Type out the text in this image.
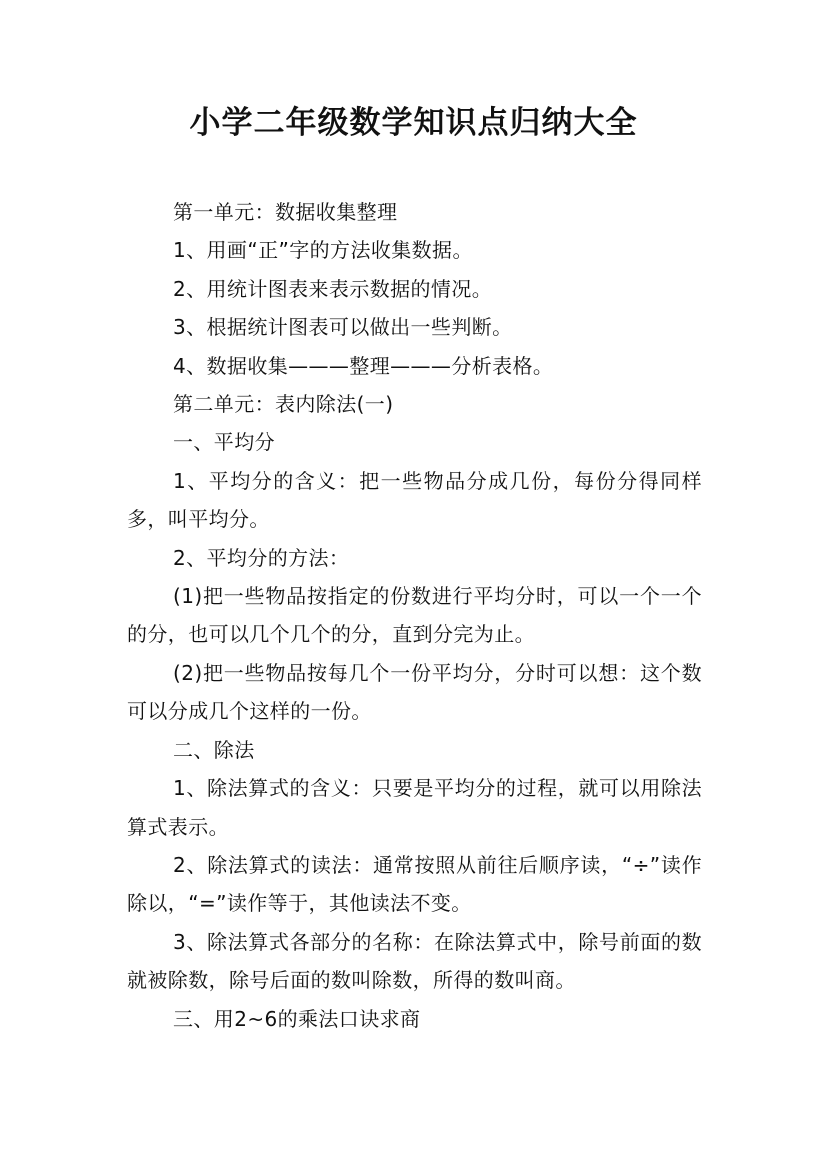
小学二年级数学知识点归纳大全

第一单元：数据收集整理

1、用画“正”字的方法收集数据。

2、用统计图表来表示数据的情况。

3、根据统计图表可以做出一些判断。

4、数据收集———整理———分析表格。

第二单元：表内除法(一)

一、平均分

1、平均分的含义：把一些物品分成几份，每份分得同样多，叫平均分。

2、平均分的方法：

(1)把一些物品按指定的份数进行平均分时，可以一个一个的分，也可以几个几个的分，直到分完为止。

(2)把一些物品按每几个一份平均分，分时可以想：这个数可以分成几个这样的一份。

二、除法

1、除法算式的含义：只要是平均分的过程，就可以用除法算式表示。

2、除法算式的读法：通常按照从前往后顺序读，“÷”读作除以，“=”读作等于，其他读法不变。

3、除法算式各部分的名称：在除法算式中，除号前面的数就被除数，除号后面的数叫除数，所得的数叫商。

三、用2~6的乘法口诀求商
